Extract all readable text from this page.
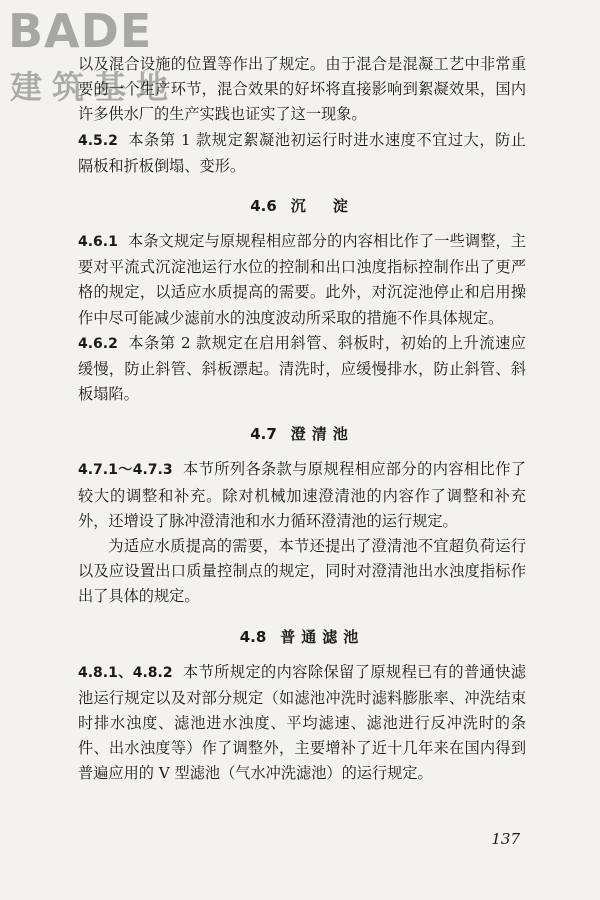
BADE
建筑基地

以及混合设施的位置等作出了规定。由于混合是混凝工艺中非常重要的一个生产环节，混合效果的好坏将直接影响到絮凝效果，国内许多供水厂的生产实践也证实了这一现象。

4.5.2 本条第 1 款规定絮凝池初运行时进水速度不宜过大，防止隔板和折板倒塌、变形。
4.6 沉　淀
4.6.1 本条文规定与原规程相应部分的内容相比作了一些调整，主要对平流式沉淀池运行水位的控制和出口浊度指标控制作出了更严格的规定，以适应水质提高的需要。此外，对沉淀池停止和启用操作中尽可能减少滤前水的浊度波动所采取的措施不作具体规定。
4.6.2 本条第 2 款规定在启用斜管、斜板时，初始的上升流速应缓慢，防止斜管、斜板漂起。清洗时，应缓慢排水，防止斜管、斜板塌陷。
4.7 澄清池
4.7.1～4.7.3 本节所列各条款与原规程相应部分的内容相比作了较大的调整和补充。除对机械加速澄清池的内容作了调整和补充外，还增设了脉冲澄清池和水力循环澄清池的运行规定。

为适应水质提高的需要，本节还提出了澄清池不宜超负荷运行以及应设置出口质量控制点的规定，同时对澄清池出水浊度指标作出了具体的规定。

4.8 普通滤池
4.8.1、4.8.2 本节所规定的内容除保留了原规程已有的普通快滤池运行规定以及对部分规定（如滤池冲洗时滤料膨胀率、冲洗结束时排水浊度、滤池进水浊度、平均滤速、滤池进行反冲洗时的条件、出水浊度等）作了调整外，主要增补了近十几年来在国内得到普遍应用的 V 型滤池（气水冲洗滤池）的运行规定。
137
